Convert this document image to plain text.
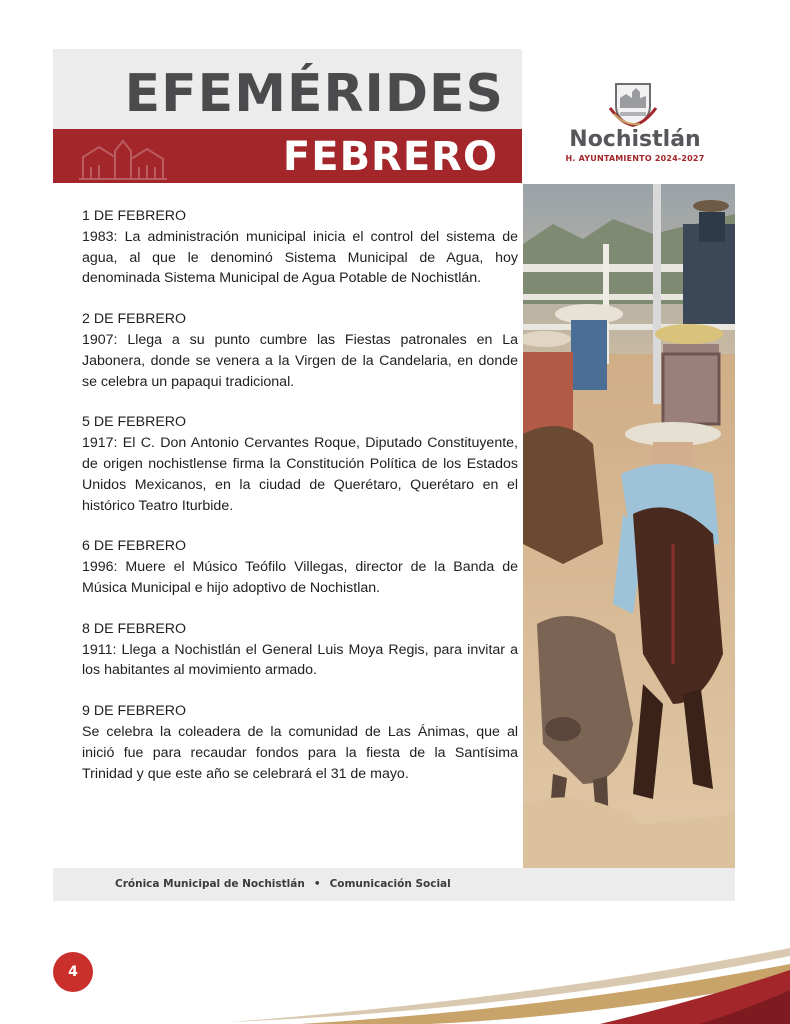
EFEMÉRIDES
FEBRERO	Nochistlán
H. AYUNTAMIENTO 2024-2027

1 DE FEBRERO

1983: La administración municipal inicia el control del sistema de agua, al que le denominó Sistema Municipal de Agua, hoy denominada Sistema Municipal de Agua Potable de Nochistlán.

2 DE FEBRERO

1907: Llega a su punto cumbre las Fiestas patronales en La Jabonera, donde se venera a la Virgen de la Candelaria, en donde se celebra un papaqui tradicional.

5 DE FEBRERO

1917: El C. Don Antonio Cervantes Roque, Diputado Constituyente, de origen nochistlense firma la Constitución Política de los Estados Unidos Mexicanos, en la ciudad de Querétaro, Querétaro en el histórico Teatro Iturbide.

6 DE FEBRERO

1996: Muere el Músico Teófilo Villegas, director de la Banda de Música Municipal e hijo adoptivo de Nochistlan.

8 DE FEBRERO

1911: Llega a Nochistlán el General Luis Moya Regis, para invitar a los habitantes al movimiento armado.

9 DE FEBRERO

Se celebra la coleadera de la comunidad de Las Ánimas, que al inició fue para recaudar fondos para la fiesta de la Santísima Trinidad y que este año se celebrará el 31 de mayo.

Crónica Municipal de Nochistlán • Comunicación Social
4
